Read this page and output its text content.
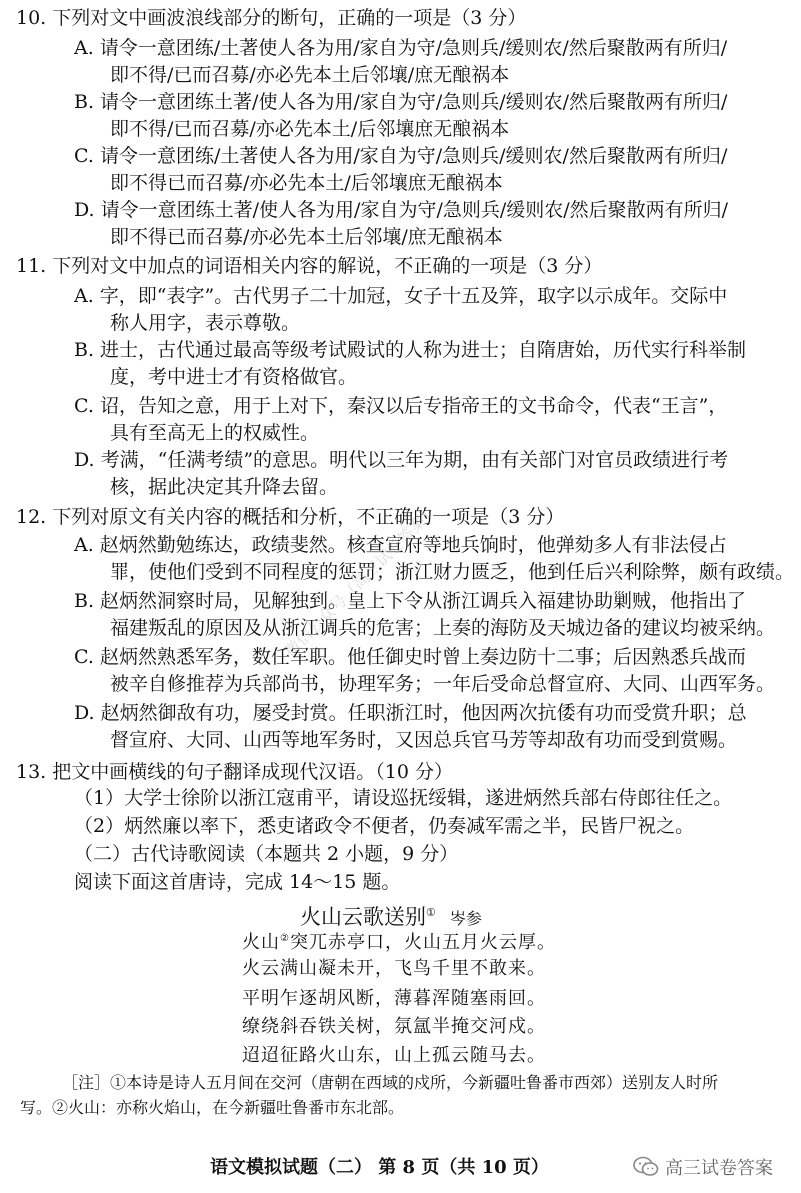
10. 下列对文中画波浪线部分的断句，正确的一项是（3 分）
A. 请令一意团练/土著使人各为用/家自为守/急则兵/缓则农/然后聚散两有所归/
即不得/已而召募/亦必先本土后邻壤/庶无酿祸本
B. 请令一意团练土著/使人各为用/家自为守/急则兵/缓则农/然后聚散两有所归/
即不得/已而召募/亦必先本土/后邻壤庶无酿祸本
C. 请令一意团练/土著使人各为用/家自为守/急则兵/缓则农/然后聚散两有所归/
即不得已而召募/亦必先本土/后邻壤庶无酿祸本
D. 请令一意团练土著/使人各为用/家自为守/急则兵/缓则农/然后聚散两有所归/
即不得已而召募/亦必先本土后邻壤/庶无酿祸本
11. 下列对文中加点的词语相关内容的解说，不正确的一项是（3 分）
A. 字，即“表字”。古代男子二十加冠，女子十五及笄，取字以示成年。交际中
称人用字，表示尊敬。
B. 进士，古代通过最高等级考试殿试的人称为进士；自隋唐始，历代实行科举制
度，考中进士才有资格做官。
C. 诏，告知之意，用于上对下，秦汉以后专指帝王的文书命令，代表“王言”，
具有至高无上的权威性。
D. 考满，“任满考绩”的意思。明代以三年为期，由有关部门对官员政绩进行考
核，据此决定其升降去留。
12. 下列对原文有关内容的概括和分析，不正确的一项是（3 分）
A. 赵炳然勤勉练达，政绩斐然。核查宣府等地兵饷时，他弹劾多人有非法侵占
罪，使他们受到不同程度的惩罚；浙江财力匮乏，他到任后兴利除弊，颇有政绩。
B. 赵炳然洞察时局，见解独到。皇上下令从浙江调兵入福建协助剿贼，他指出了
福建叛乱的原因及从浙江调兵的危害；上奏的海防及天城边备的建议均被采纳。
C. 赵炳然熟悉军务，数任军职。他任御史时曾上奏边防十二事；后因熟悉兵战而
被辛自修推荐为兵部尚书，协理军务；一年后受命总督宣府、大同、山西军务。
D. 赵炳然御敌有功，屡受封赏。任职浙江时，他因两次抗倭有功而受赏升职；总
督宣府、大同、山西等地军务时，又因总兵官马芳等却敌有功而受到赏赐。
13. 把文中画横线的句子翻译成现代汉语。（10 分）
（1）大学士徐阶以浙江寇甫平，请设巡抚绥辑，遂进炳然兵部右侍郎往任之。
（2）炳然廉以率下，悉吏诸政令不便者，仍奏减军需之半，民皆尸祝之。
（二）古代诗歌阅读（本题共 2 小题，9 分）
阅读下面这首唐诗，完成 14～15 题。
火山云歌送别① 岑参
火山②突兀赤亭口，火山五月火云厚。
火云满山凝未开，飞鸟千里不敢来。
平明乍逐胡风断，薄暮浑随塞雨回。
缭绕斜吞铁关树，氛氲半掩交河戍。
迢迢征路火山东，山上孤云随马去。
［注］①本诗是诗人五月间在交河（唐朝在西域的戍所，今新疆吐鲁番市西郊）送别友人时所
写。②火山：亦称火焰山，在今新疆吐鲁番市东北部。
语文模拟试题（二） 第 8 页（共 10 页）	高三试卷答案
微信公众号（高三试卷答案）
